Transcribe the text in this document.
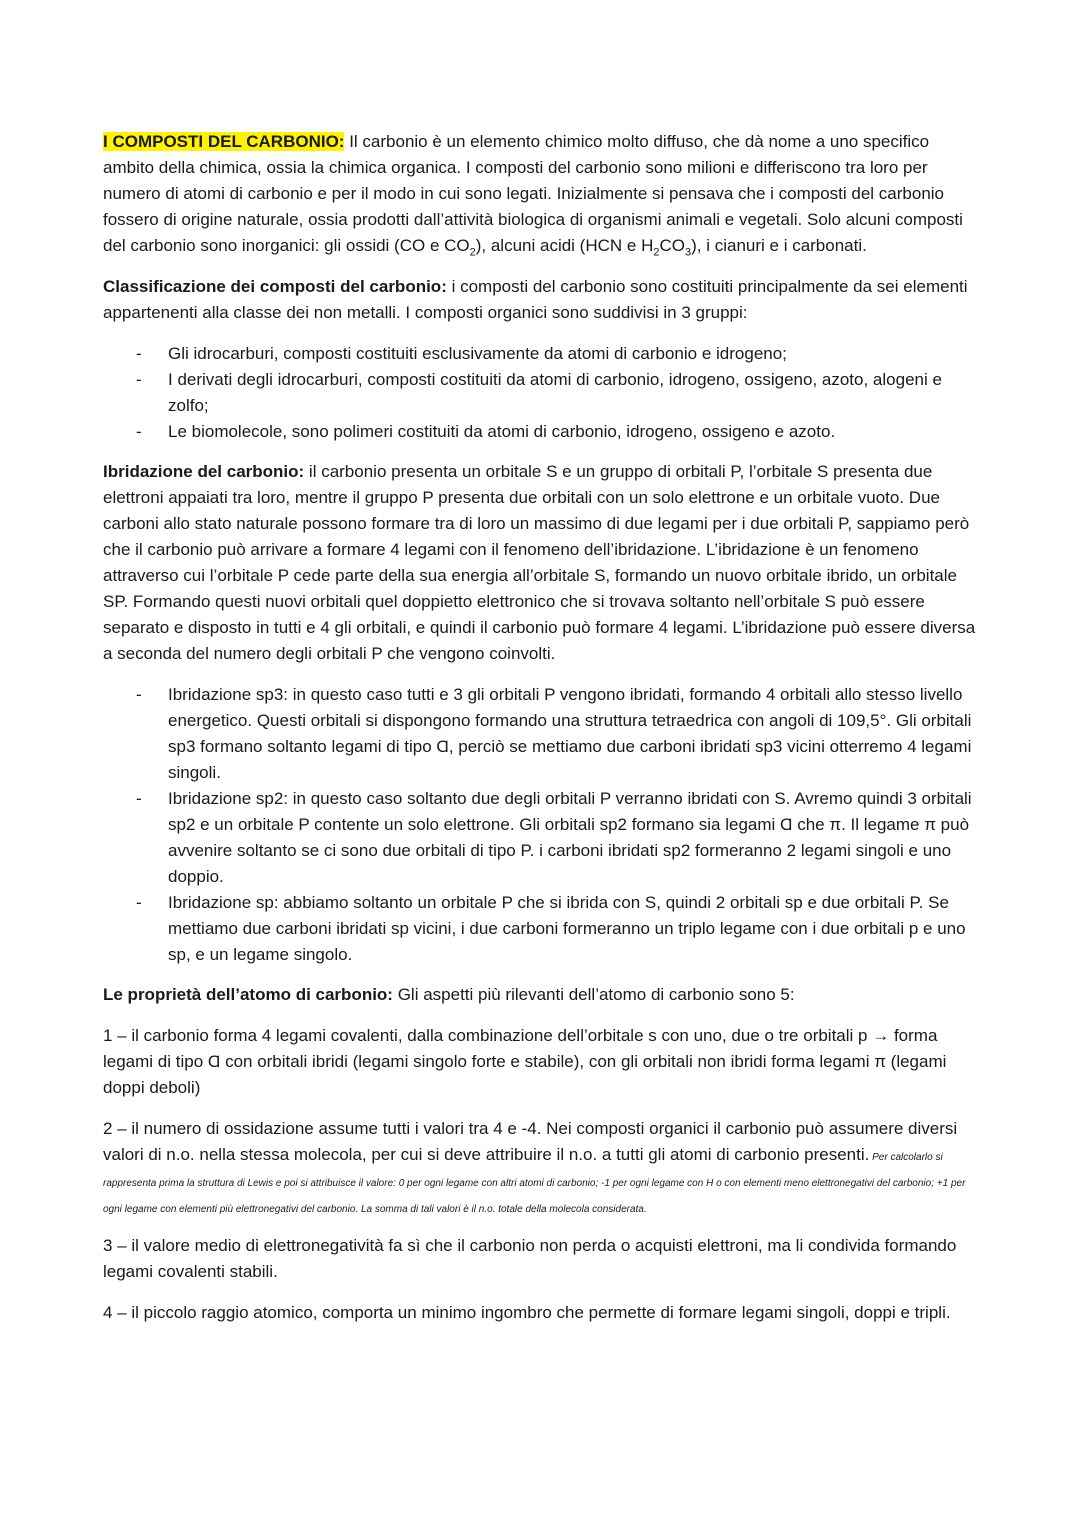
I COMPOSTI DEL CARBONIO: Il carbonio è un elemento chimico molto diffuso, che dà nome a uno specifico ambito della chimica, ossia la chimica organica. I composti del carbonio sono milioni e differiscono tra loro per numero di atomi di carbonio e per il modo in cui sono legati. Inizialmente si pensava che i composti del carbonio fossero di origine naturale, ossia prodotti dall’attività biologica di organismi animali e vegetali. Solo alcuni composti del carbonio sono inorganici: gli ossidi (CO e $CO_2$), alcuni acidi (HCN e $H_2CO_3$), i cianuri e i carbonati.

Classificazione dei composti del carbonio: i composti del carbonio sono costituiti principalmente da sei elementi appartenenti alla classe dei non metalli. I composti organici sono suddivisi in 3 gruppi:

- Gli idrocarburi, composti costituiti esclusivamente da atomi di carbonio e idrogeno;
- I derivati degli idrocarburi, composti costituiti da atomi di carbonio, idrogeno, ossigeno, azoto, alogeni e zolfo;
- Le biomolecole, sono polimeri costituiti da atomi di carbonio, idrogeno, ossigeno e azoto.

Ibridazione del carbonio: il carbonio presenta un orbitale S e un gruppo di orbitali P, l’orbitale S presenta due elettroni appaiati tra loro, mentre il gruppo P presenta due orbitali con un solo elettrone e un orbitale vuoto. Due carboni allo stato naturale possono formare tra di loro un massimo di due legami per i due orbitali P, sappiamo però che il carbonio può arrivare a formare 4 legami con il fenomeno dell’ibridazione. L’ibridazione è un fenomeno attraverso cui l’orbitale P cede parte della sua energia all’orbitale S, formando un nuovo orbitale ibrido, un orbitale SP. Formando questi nuovi orbitali quel doppietto elettronico che si trovava soltanto nell’orbitale S può essere separato e disposto in tutti e 4 gli orbitali, e quindi il carbonio può formare 4 legami. L’ibridazione può essere diversa a seconda del numero degli orbitali P che vengono coinvolti.

- Ibridazione sp3: in questo caso tutti e 3 gli orbitali P vengono ibridati, formando 4 orbitali allo stesso livello energetico. Questi orbitali si dispongono formando una struttura tetraedrica con angoli di 109,5°. Gli orbitali sp3 formano soltanto legami di tipo Ɑ, perciò se mettiamo due carboni ibridati sp3 vicini otterremo 4 legami singoli.
- Ibridazione sp2: in questo caso soltanto due degli orbitali P verranno ibridati con S. Avremo quindi 3 orbitali sp2 e un orbitale P contente un solo elettrone. Gli orbitali sp2 formano sia legami Ɑ che π. Il legame π può avvenire soltanto se ci sono due orbitali di tipo P. i carboni ibridati sp2 formeranno 2 legami singoli e uno doppio.
- Ibridazione sp: abbiamo soltanto un orbitale P che si ibrida con S, quindi 2 orbitali sp e due orbitali P. Se mettiamo due carboni ibridati sp vicini, i due carboni formeranno un triplo legame con i due orbitali p e uno sp, e un legame singolo.

Le proprietà dell’atomo di carbonio: Gli aspetti più rilevanti dell’atomo di carbonio sono 5:

1 – il carbonio forma 4 legami covalenti, dalla combinazione dell’orbitale s con uno, due o tre orbitali p → forma legami di tipo Ɑ con orbitali ibridi (legami singolo forte e stabile), con gli orbitali non ibridi forma legami π (legami doppi deboli)

2 – il numero di ossidazione assume tutti i valori tra 4 e -4. Nei composti organici il carbonio può assumere diversi valori di n.o. nella stessa molecola, per cui si deve attribuire il n.o. a tutti gli atomi di carbonio presenti. Per calcolarlo si rappresenta prima la struttura di Lewis e poi si attribuisce il valore: 0 per ogni legame con altri atomi di carbonio; -1 per ogni legame con H o con elementi meno elettronegativi del carbonio; +1 per ogni legame con elementi più elettronegativi del carbonio. La somma di tali valori è il n.o. totale della molecola considerata.

3 – il valore medio di elettronegatività fa sì che il carbonio non perda o acquisti elettroni, ma li condivida formando legami covalenti stabili.

4 – il piccolo raggio atomico, comporta un minimo ingombro che permette di formare legami singoli, doppi e tripli.
